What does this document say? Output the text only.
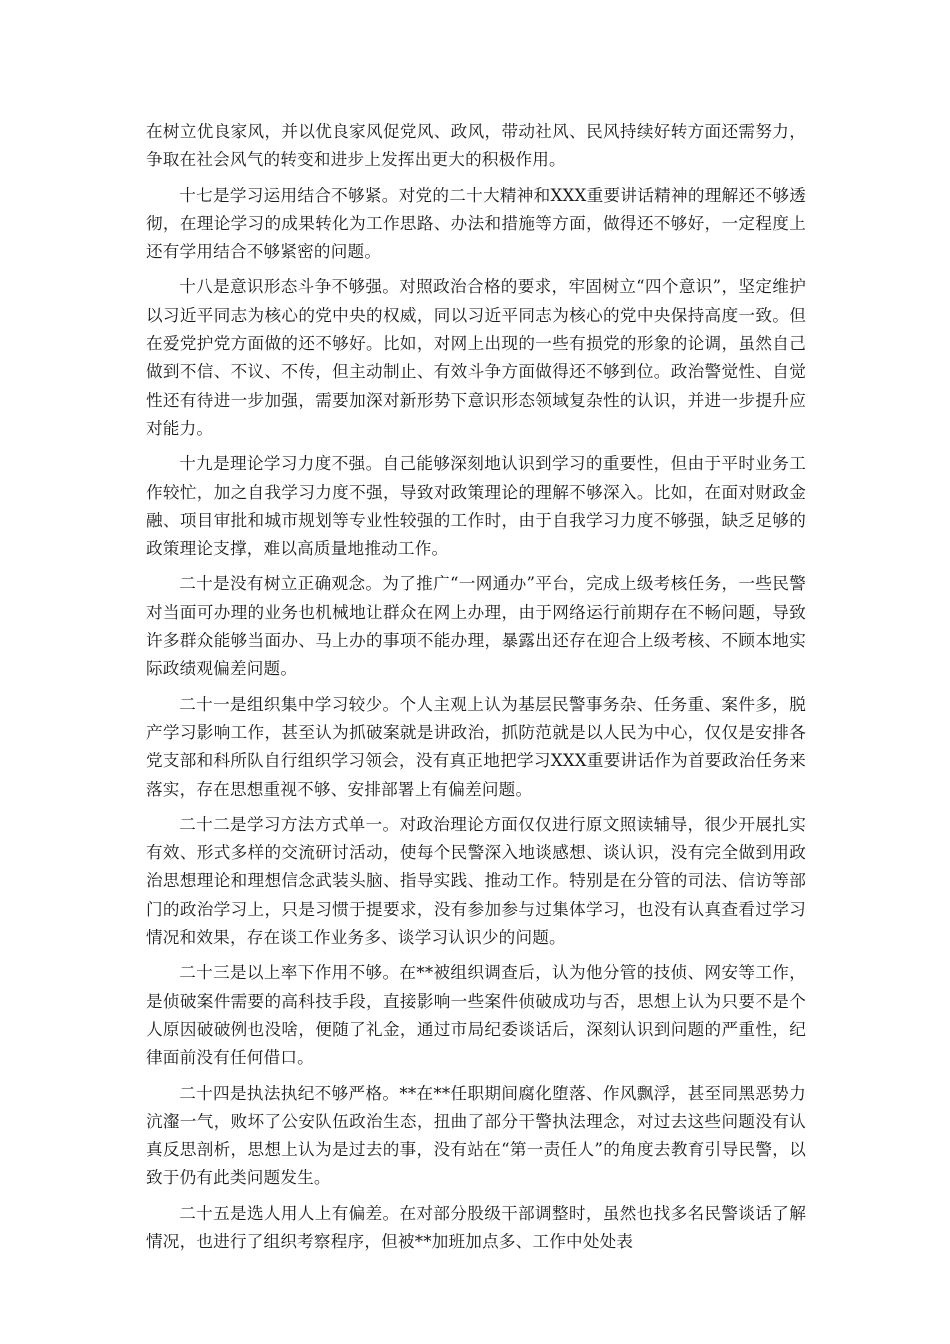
在树立优良家风，并以优良家风促党风、政风，带动社风、民风持续好转方面还需努力，争取在社会风气的转变和进步上发挥出更大的积极作用。

十七是学习运用结合不够紧。对党的二十大精神和XXX重要讲话精神的理解还不够透彻，在理论学习的成果转化为工作思路、办法和措施等方面，做得还不够好，一定程度上还有学用结合不够紧密的问题。

十八是意识形态斗争不够强。对照政治合格的要求，牢固树立“四个意识”，坚定维护以习近平同志为核心的党中央的权威，同以习近平同志为核心的党中央保持高度一致。但在爱党护党方面做的还不够好。比如，对网上出现的一些有损党的形象的论调，虽然自己做到不信、不议、不传，但主动制止、有效斗争方面做得还不够到位。政治警觉性、自觉性还有待进一步加强，需要加深对新形势下意识形态领域复杂性的认识，并进一步提升应对能力。

十九是理论学习力度不强。自己能够深刻地认识到学习的重要性，但由于平时业务工作较忙，加之自我学习力度不强，导致对政策理论的理解不够深入。比如，在面对财政金融、项目审批和城市规划等专业性较强的工作时，由于自我学习力度不够强，缺乏足够的政策理论支撑，难以高质量地推动工作。

二十是没有树立正确观念。为了推广“一网通办”平台，完成上级考核任务，一些民警对当面可办理的业务也机械地让群众在网上办理，由于网络运行前期存在不畅问题，导致许多群众能够当面办、马上办的事项不能办理，暴露出还存在迎合上级考核、不顾本地实际政绩观偏差问题。

二十一是组织集中学习较少。个人主观上认为基层民警事务杂、任务重、案件多，脱产学习影响工作，甚至认为抓破案就是讲政治，抓防范就是以人民为中心，仅仅是安排各党支部和科所队自行组织学习领会，没有真正地把学习XXX重要讲话作为首要政治任务来落实，存在思想重视不够、安排部署上有偏差问题。

二十二是学习方法方式单一。对政治理论方面仅仅进行原文照读辅导，很少开展扎实有效、形式多样的交流研讨活动，使每个民警深入地谈感想、谈认识，没有完全做到用政治思想理论和理想信念武装头脑、指导实践、推动工作。特别是在分管的司法、信访等部门的政治学习上，只是习惯于提要求，没有参加参与过集体学习，也没有认真查看过学习情况和效果，存在谈工作业务多、谈学习认识少的问题。

二十三是以上率下作用不够。在**被组织调查后，认为他分管的技侦、网安等工作，是侦破案件需要的高科技手段，直接影响一些案件侦破成功与否，思想上认为只要不是个人原因破破例也没啥，便随了礼金，通过市局纪委谈话后，深刻认识到问题的严重性，纪律面前没有任何借口。

二十四是执法执纪不够严格。**在**任职期间腐化堕落、作风飘浮，甚至同黑恶势力沆瀣一气，败坏了公安队伍政治生态，扭曲了部分干警执法理念，对过去这些问题没有认真反思剖析，思想上认为是过去的事，没有站在“第一责任人”的角度去教育引导民警，以致于仍有此类问题发生。

二十五是选人用人上有偏差。在对部分股级干部调整时，虽然也找多名民警谈话了解情况，也进行了组织考察程序，但被**加班加点多、工作中处处表
